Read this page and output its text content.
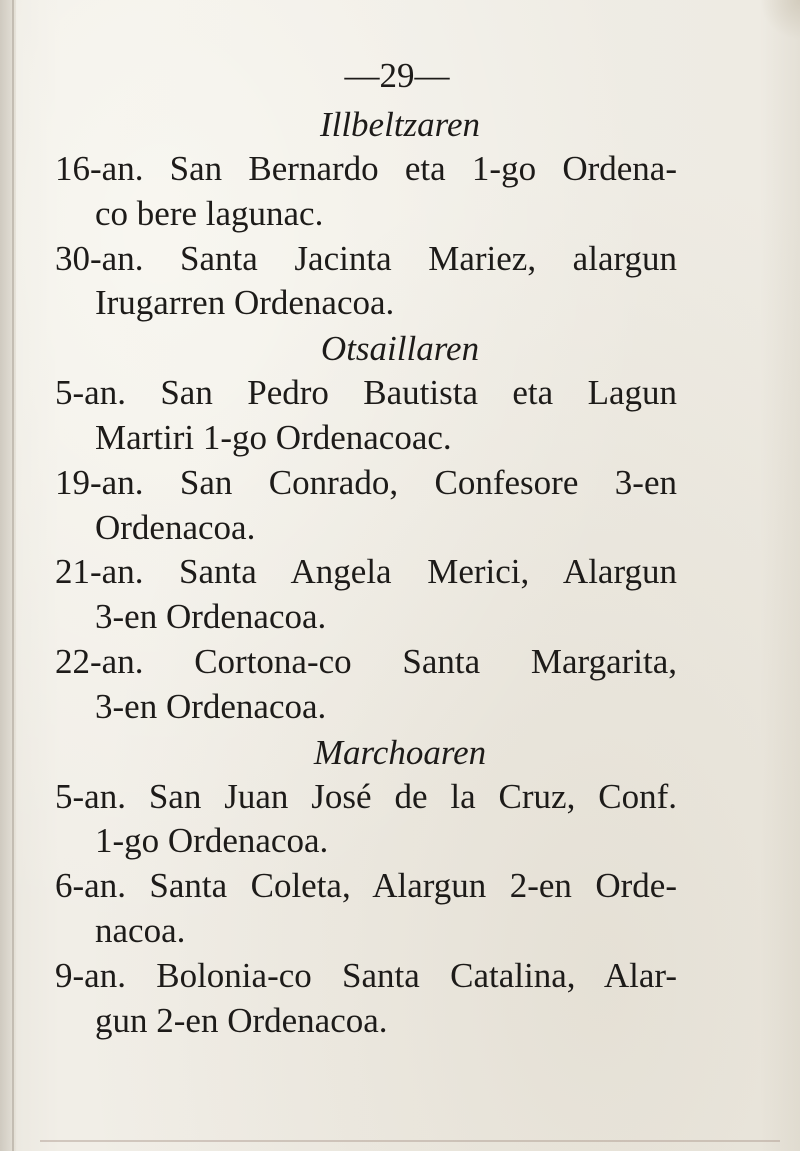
—29—
Illbeltzaren
16-an. San Bernardo eta 1-go Ordena-
co bere lagunac.
30-an. Santa Jacinta Mariez, alargun
Irugarren Ordenacoa.
Otsaillaren
5-an. San Pedro Bautista eta Lagun
Martiri 1-go Ordenacoac.
19-an. San Conrado, Confesore 3-en
Ordenacoa.
21-an. Santa Angela Merici, Alargun
3-en Ordenacoa.
22-an. Cortona-co Santa Margarita,
3-en Ordenacoa.
Marchoaren
5-an. San Juan José de la Cruz, Conf.
1-go Ordenacoa.
6-an. Santa Coleta, Alargun 2-en Orde-
nacoa.
9-an. Bolonia-co Santa Catalina, Alar-
gun 2-en Ordenacoa.
